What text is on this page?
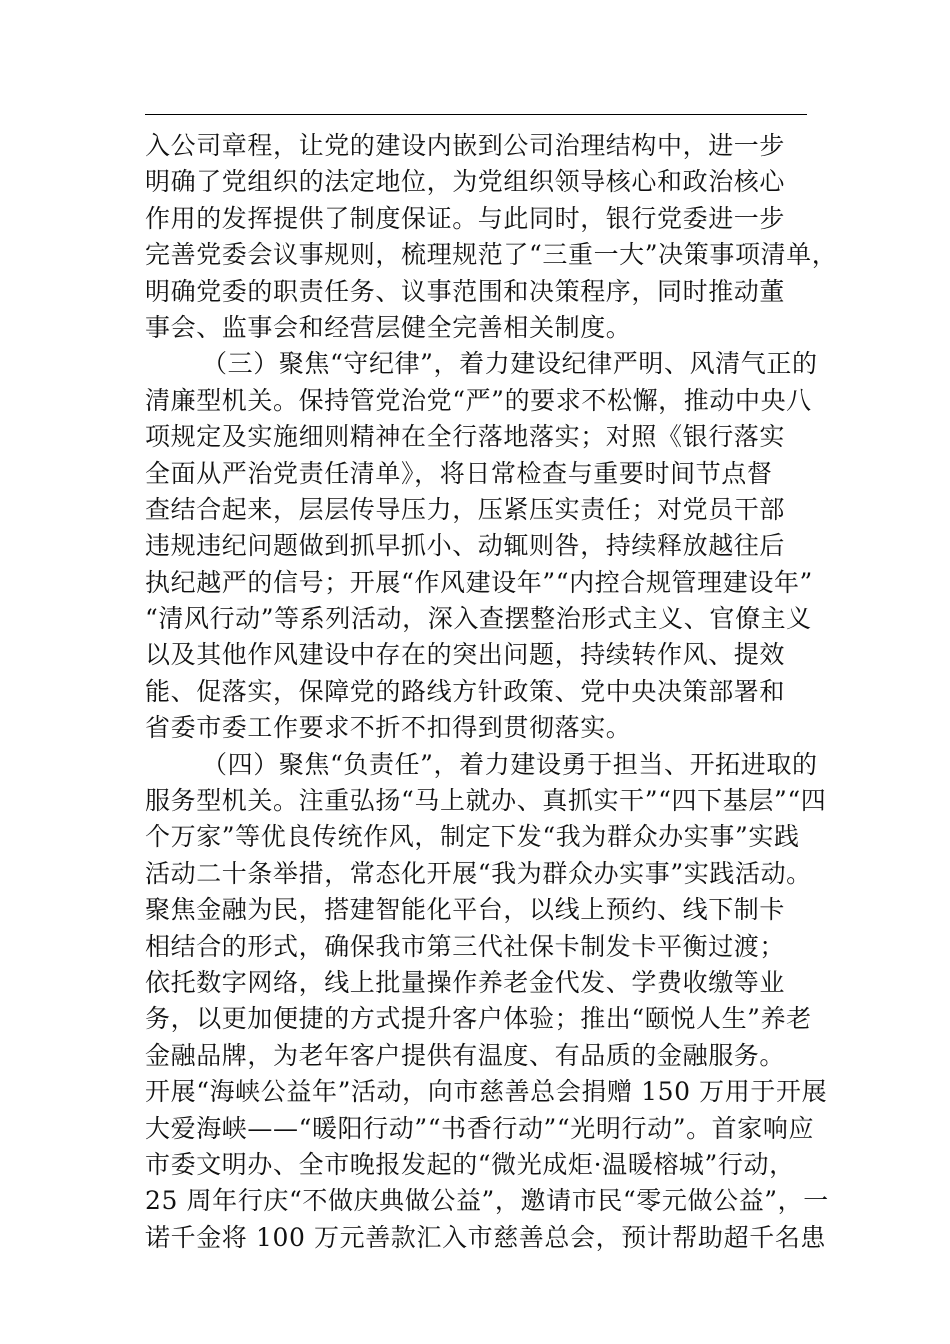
入公司章程，让党的建设内嵌到公司治理结构中，进一步
明确了党组织的法定地位，为党组织领导核心和政治核心
作用的发挥提供了制度保证。与此同时，银行党委进一步
完善党委会议事规则，梳理规范了“三重一大”决策事项清单，
明确党委的职责任务、议事范围和决策程序，同时推动董
事会、监事会和经营层健全完善相关制度。
（三）聚焦“守纪律”，着力建设纪律严明、风清气正的
清廉型机关。保持管党治党“严”的要求不松懈，推动中央八
项规定及实施细则精神在全行落地落实；对照《银行落实
全面从严治党责任清单》，将日常检查与重要时间节点督
查结合起来，层层传导压力，压紧压实责任；对党员干部
违规违纪问题做到抓早抓小、动辄则咎，持续释放越往后
执纪越严的信号；开展“作风建设年”“内控合规管理建设年”
“清风行动”等系列活动，深入查摆整治形式主义、官僚主义
以及其他作风建设中存在的突出问题，持续转作风、提效
能、促落实，保障党的路线方针政策、党中央决策部署和
省委市委工作要求不折不扣得到贯彻落实。
（四）聚焦“负责任”，着力建设勇于担当、开拓进取的
服务型机关。注重弘扬“马上就办、真抓实干”“四下基层”“四
个万家”等优良传统作风，制定下发“我为群众办实事”实践
活动二十条举措，常态化开展“我为群众办实事”实践活动。
聚焦金融为民，搭建智能化平台，以线上预约、线下制卡
相结合的形式，确保我市第三代社保卡制发卡平衡过渡；
依托数字网络，线上批量操作养老金代发、学费收缴等业
务，以更加便捷的方式提升客户体验；推出“颐悦人生”养老
金融品牌，为老年客户提供有温度、有品质的金融服务。
开展“海峡公益年”活动，向市慈善总会捐赠 150 万用于开展
大爱海峡——“暖阳行动”“书香行动”“光明行动”。首家响应
市委文明办、全市晚报发起的“微光成炬·温暖榕城”行动，
25 周年行庆“不做庆典做公益”，邀请市民“零元做公益”，一
诺千金将 100 万元善款汇入市慈善总会，预计帮助超千名患
